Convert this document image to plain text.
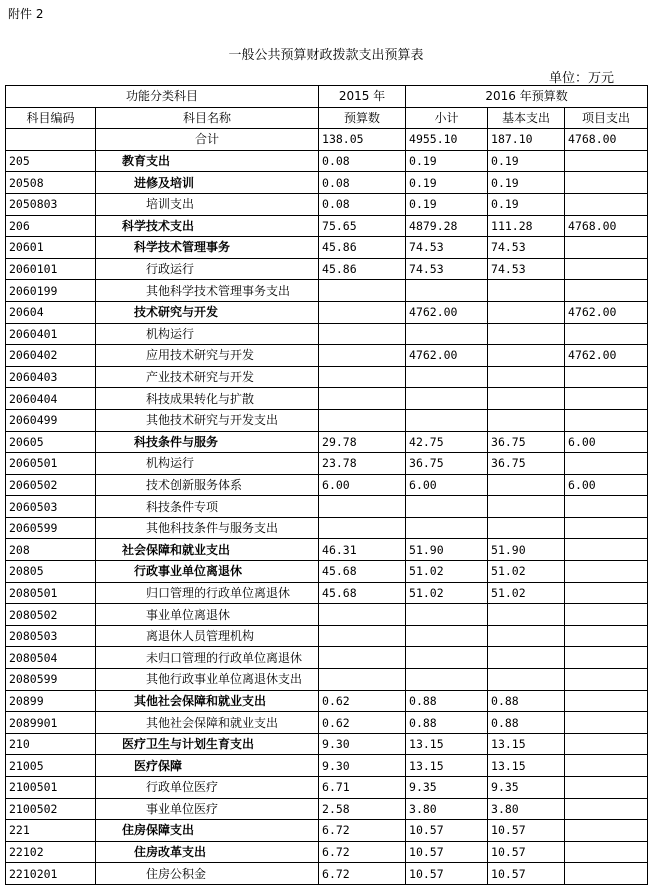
附件 2
一般公共预算财政拨款支出预算表
单位：万元
功能分类科目		2015 年	2016 年预算数		
科目编码	科目名称	预算数	小计	基本支出	项目支出
	合计	138.05	4955.10	187.10	4768.00
205	教育支出	0.08	0.19	0.19	
20508	进修及培训	0.08	0.19	0.19	
2050803	培训支出	0.08	0.19	0.19	
206	科学技术支出	75.65	4879.28	111.28	4768.00
20601	科学技术管理事务	45.86	74.53	74.53	
2060101	行政运行	45.86	74.53	74.53	
2060199	其他科学技术管理事务支出				
20604	技术研究与开发		4762.00		4762.00
2060401	机构运行				
2060402	应用技术研究与开发		4762.00		4762.00
2060403	产业技术研究与开发				
2060404	科技成果转化与扩散				
2060499	其他技术研究与开发支出				
20605	科技条件与服务	29.78	42.75	36.75	6.00
2060501	机构运行	23.78	36.75	36.75	
2060502	技术创新服务体系	6.00	6.00		6.00
2060503	科技条件专项				
2060599	其他科技条件与服务支出				
208	社会保障和就业支出	46.31	51.90	51.90	
20805	行政事业单位离退休	45.68	51.02	51.02	
2080501	归口管理的行政单位离退休	45.68	51.02	51.02	
2080502	事业单位离退休				
2080503	离退休人员管理机构				
2080504	未归口管理的行政单位离退休				
2080599	其他行政事业单位离退休支出				
20899	其他社会保障和就业支出	0.62	0.88	0.88	
2089901	其他社会保障和就业支出	0.62	0.88	0.88	
210	医疗卫生与计划生育支出	9.30	13.15	13.15	
21005	医疗保障	9.30	13.15	13.15	
2100501	行政单位医疗	6.71	9.35	9.35	
2100502	事业单位医疗	2.58	3.80	3.80	
221	住房保障支出	6.72	10.57	10.57	
22102	住房改革支出	6.72	10.57	10.57	
2210201	住房公积金	6.72	10.57	10.57	
